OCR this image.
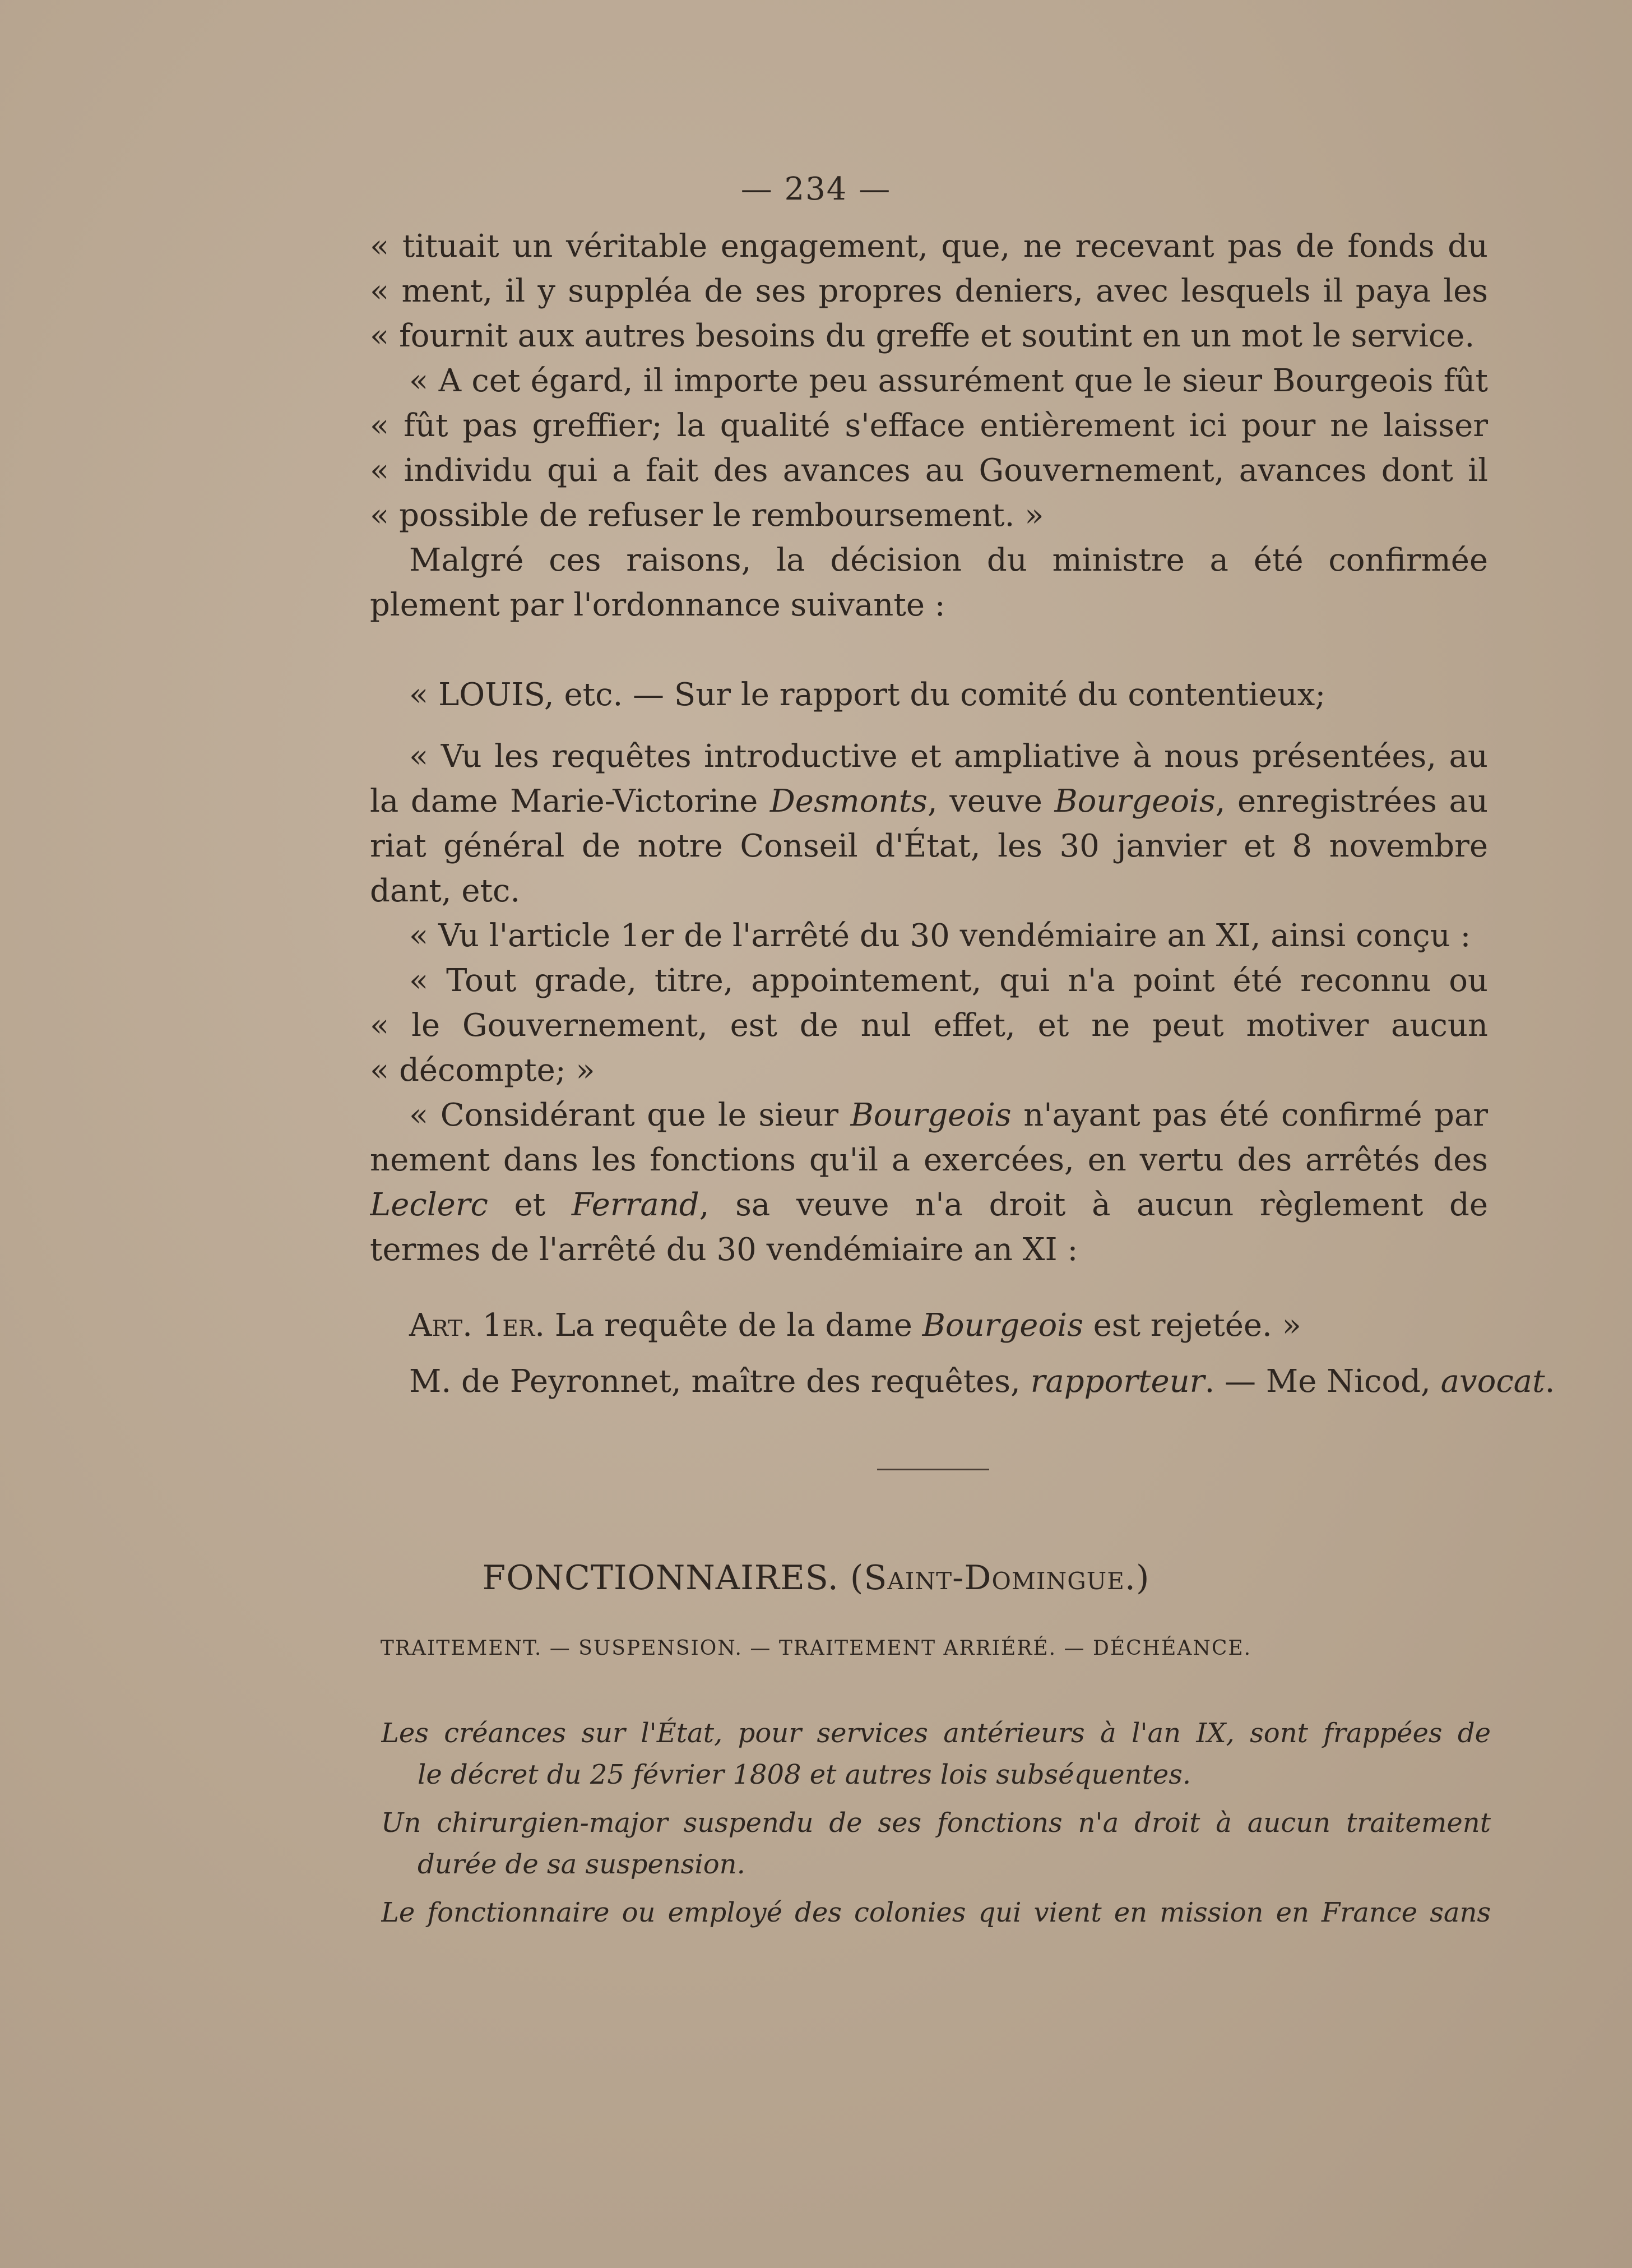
— 234 —
« tituait un véritable engagement, que, ne recevant pas de fonds du
« ment, il y suppléa de ses propres deniers, avec lesquels il paya les
« fournit aux autres besoins du greffe et soutint en un mot le service.
« A cet égard, il importe peu assurément que le sieur Bourgeois fût
« fût pas greffier; la qualité s'efface entièrement ici pour ne laisser
« individu qui a fait des avances au Gouvernement, avances dont il
« possible de refuser le remboursement. »
Malgré ces raisons, la décision du ministre a été confirmée
plement par l'ordonnance suivante :
« LOUIS, etc. — Sur le rapport du comité du contentieux;
« Vu les requêtes introductive et ampliative à nous présentées, au
la dame Marie-Victorine Desmonts, veuve Bourgeois, enregistrées au
riat général de notre Conseil d'État, les 30 janvier et 8 novembre
dant, etc.
« Vu l'article 1er de l'arrêté du 30 vendémiaire an XI, ainsi conçu :
« Tout grade, titre, appointement, qui n'a point été reconnu ou
« le Gouvernement, est de nul effet, et ne peut motiver aucun
« décompte; »
« Considérant que le sieur Bourgeois n'ayant pas été confirmé par
nement dans les fonctions qu'il a exercées, en vertu des arrêtés des
Leclerc et Ferrand, sa veuve n'a droit à aucun règlement de
termes de l'arrêté du 30 vendémiaire an XI :
Art. 1er. La requête de la dame Bourgeois est rejetée. »
M. de Peyronnet, maître des requêtes, rapporteur. — Me Nicod, avocat.
FONCTIONNAIRES. (Saint-Domingue.)
TRAITEMENT. — SUSPENSION. — TRAITEMENT ARRIÉRÉ. — DÉCHÉANCE.
Les créances sur l'État, pour services antérieurs à l'an IX, sont frappées de
le décret du 25 février 1808 et autres lois subséquentes.
Un chirurgien-major suspendu de ses fonctions n'a droit à aucun traitement
durée de sa suspension.
Le fonctionnaire ou employé des colonies qui vient en mission en France sans
